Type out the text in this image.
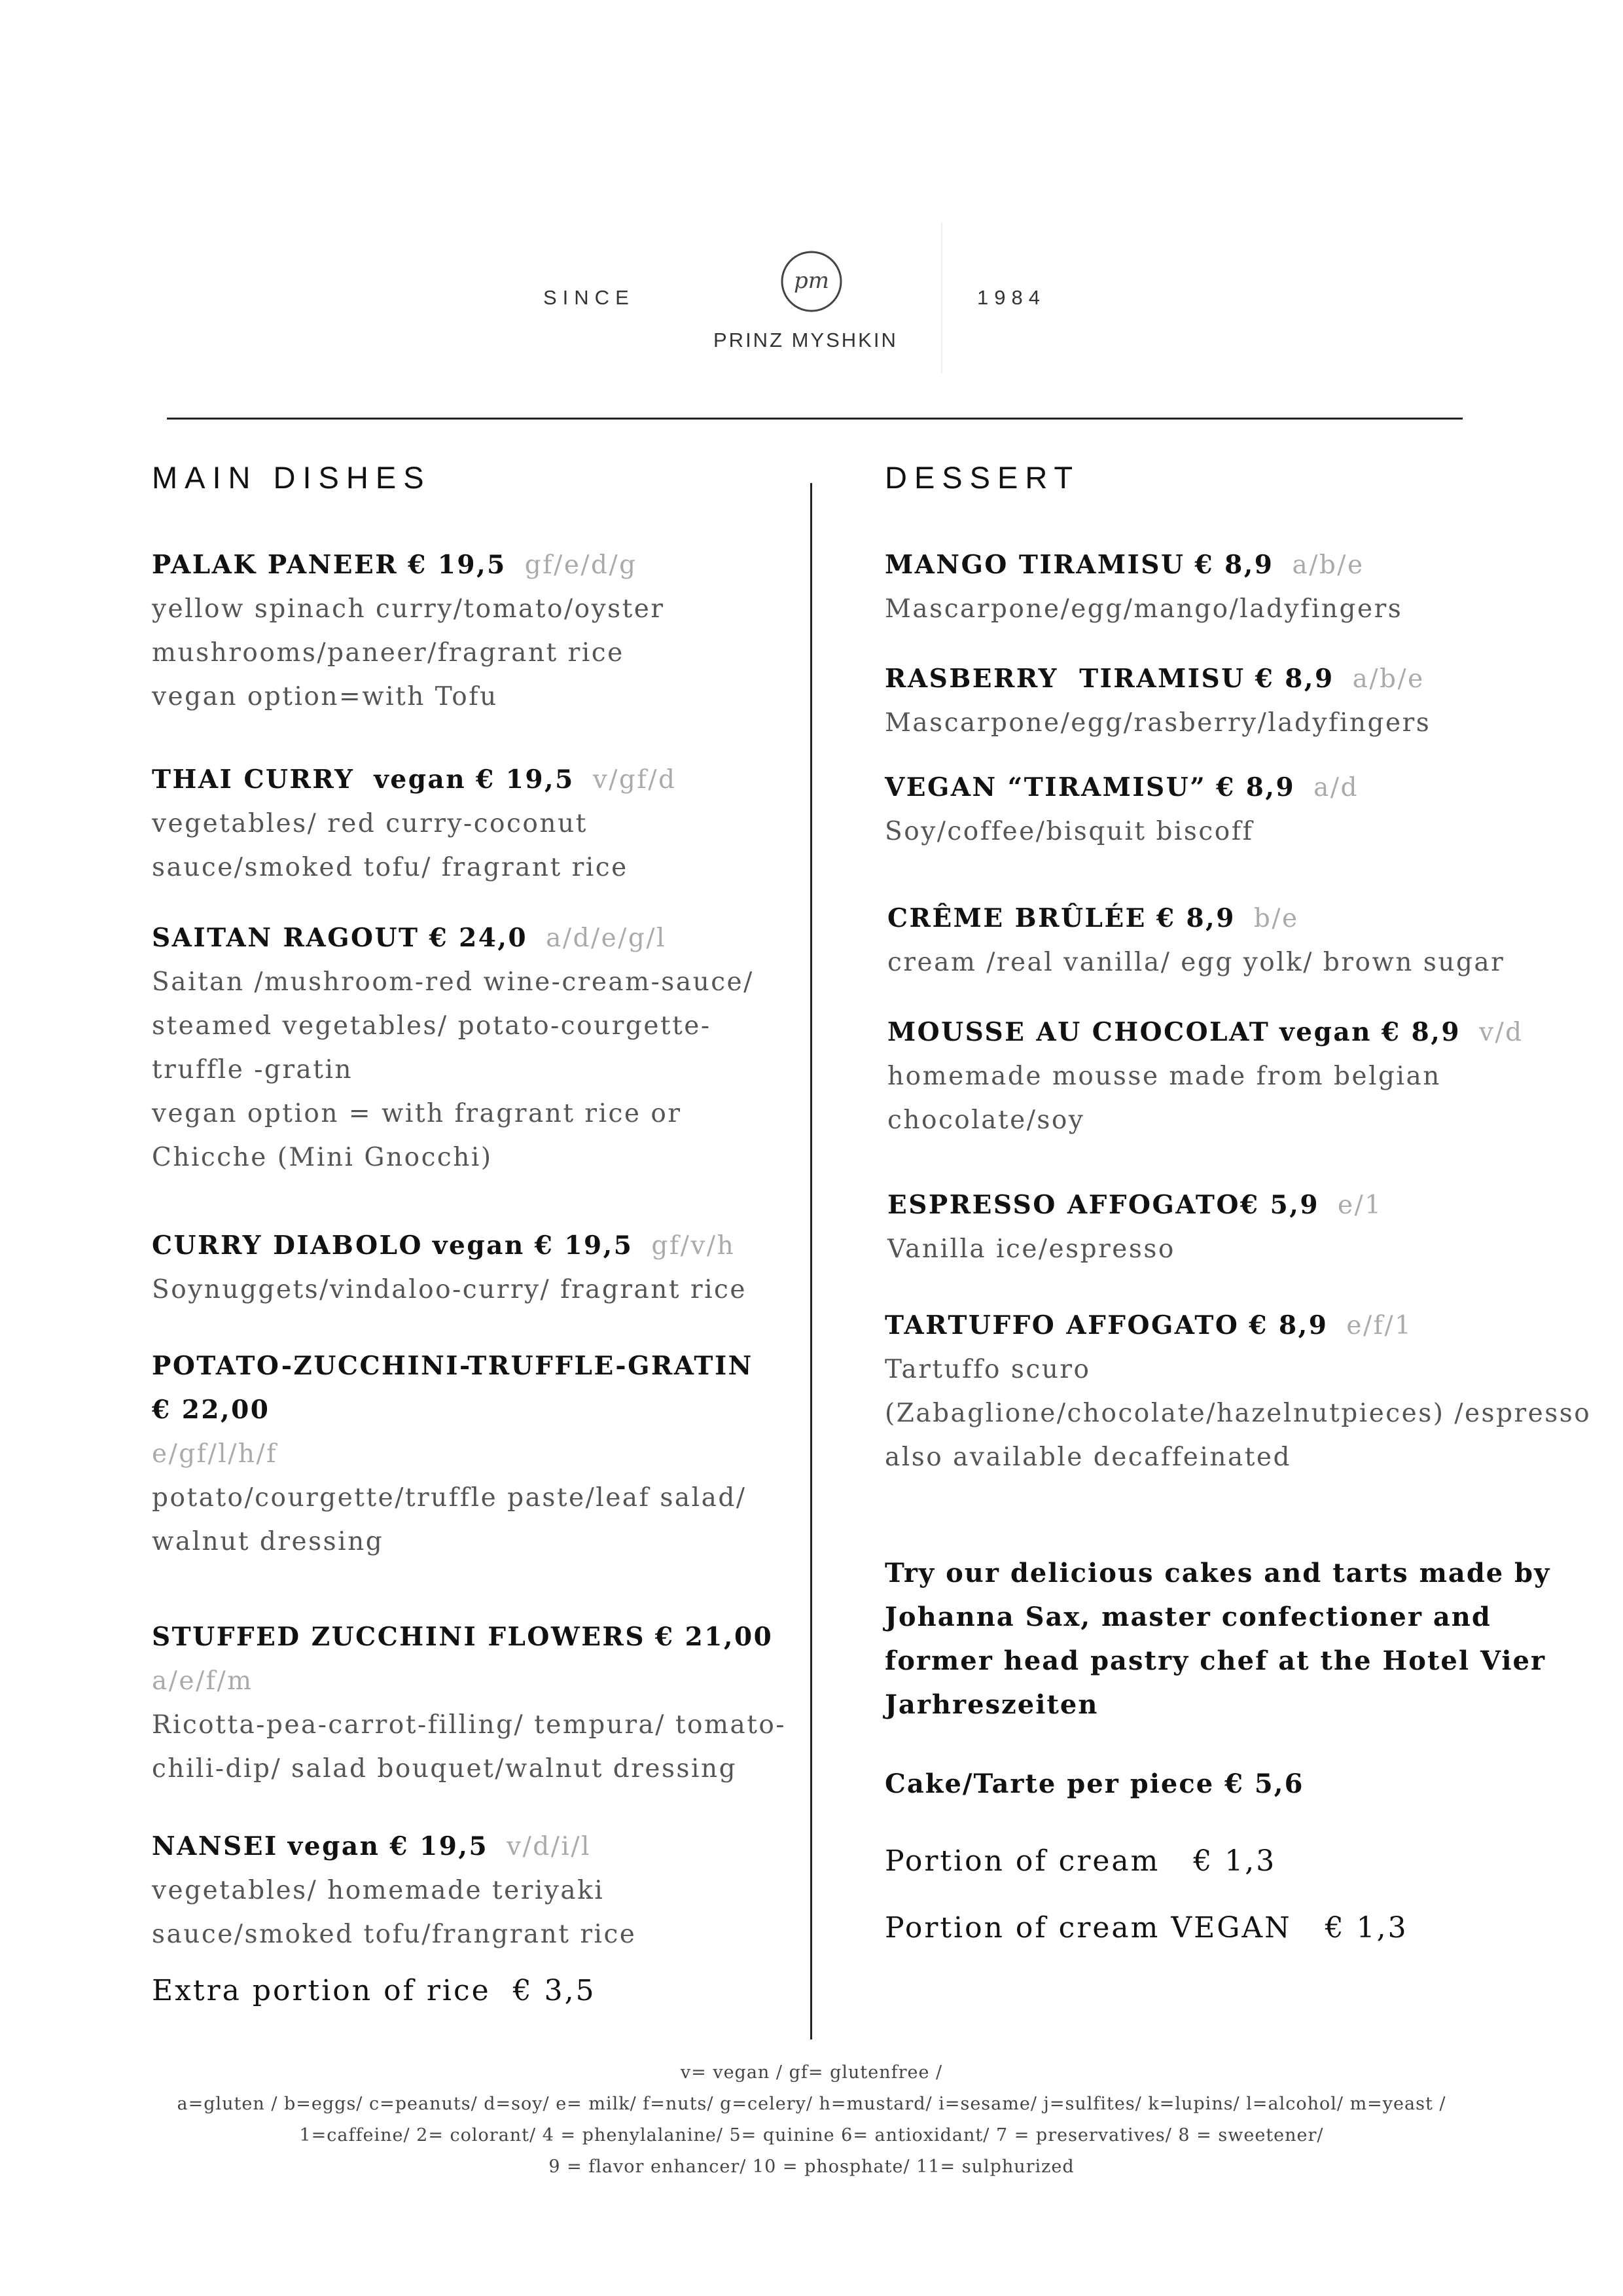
SINCE
pm
PRINZ MYSHKIN
1984
MAIN DISHES
PALAK PANEER € 19,5 gf/e/d/g
yellow spinach curry/tomato/oyster
mushrooms/paneer/fragrant rice
vegan option=with Tofu
THAI CURRY vegan € 19,5 v/gf/d
vegetables/ red curry-coconut
sauce/smoked tofu/ fragrant rice
SAITAN RAGOUT € 24,0 a/d/e/g/l
Saitan /mushroom-red wine-cream-sauce/
steamed vegetables/ potato-courgette-
truffle -gratin
vegan option = with fragrant rice or
Chicche (Mini Gnocchi)
CURRY DIABOLO vegan € 19,5 gf/v/h
Soynuggets/vindaloo-curry/ fragrant rice
POTATO-ZUCCHINI-TRUFFLE-GRATIN
€ 22,00
e/gf/l/h/f
potato/courgette/truffle paste/leaf salad/
walnut dressing
STUFFED ZUCCHINI FLOWERS € 21,00
a/e/f/m
Ricotta-pea-carrot-filling/ tempura/ tomato-
chili-dip/ salad bouquet/walnut dressing
NANSEI vegan € 19,5 v/d/i/l
vegetables/ homemade teriyaki
sauce/smoked tofu/frangrant rice
Extra portion of rice € 3,5
DESSERT
MANGO TIRAMISU € 8,9 a/b/e
Mascarpone/egg/mango/ladyfingers
RASBERRY  TIRAMISU € 8,9 a/b/e
Mascarpone/egg/rasberry/ladyfingers
VEGAN “TIRAMISU” € 8,9 a/d
Soy/coffee/bisquit biscoff
CRÊME BRÛLÉE € 8,9 b/e
cream /real vanilla/ egg yolk/ brown sugar
MOUSSE AU CHOCOLAT vegan € 8,9 v/d
homemade mousse made from belgian
chocolate/soy
ESPRESSO AFFOGATO€ 5,9 e/1
Vanilla ice/espresso
TARTUFFO AFFOGATO € 8,9 e/f/1
Tartuffo scuro
(Zabaglione/chocolate/hazelnutpieces) /espresso
also available decaffeinated
Try our delicious cakes and tarts made by
Johanna Sax, master confectioner and
former head pastry chef at the Hotel Vier
Jarhreszeiten
Cake/Tarte per piece € 5,6
Portion of cream € 1,3
Portion of cream VEGAN € 1,3
v= vegan / gf= glutenfree /
a=gluten / b=eggs/ c=peanuts/ d=soy/ e= milk/ f=nuts/ g=celery/ h=mustard/ i=sesame/ j=sulfites/ k=lupins/ l=alcohol/ m=yeast /
1=caffeine/ 2= colorant/ 4 = phenylalanine/ 5= quinine 6= antioxidant/ 7 = preservatives/ 8 = sweetener/
9 = flavor enhancer/ 10 = phosphate/ 11= sulphurized
